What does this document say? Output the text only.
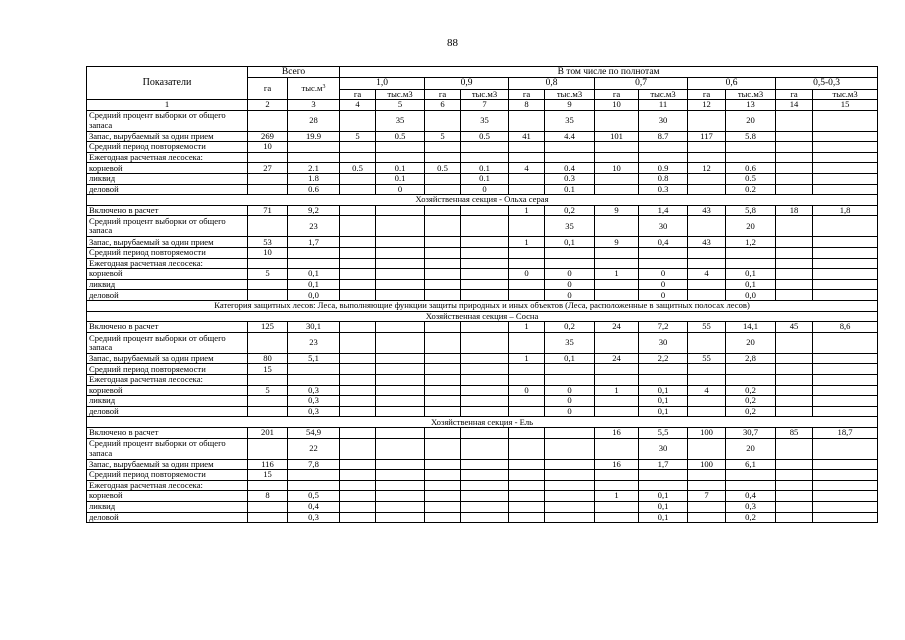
88
Показатели	Всего		В том числе по полнотам											
	га	$тыс.м^3$	1,0		0,9		0,8		0,7		0,6		0,5-0,3	
			га	тыс.м3	га	тыс.м3	га	тыс.м3	га	тыс.м3	га	тыс.м3	га	тыс.м3
1	2	3	4	5	6	7	8	9	10	11	12	13	14	15
Средний процент выборки от общего запаса		28		35		35		35		30		20		
Запас, вырубаемый за один прием	269	19.9	5	0.5	5	0.5	41	4.4	101	8.7	117	5.8		
Средний период повторяемости	10													
Ежегодная расчетная лесосека:														
корневой	27	2.1	0.5	0.1	0.5	0.1	4	0.4	10	0.9	12	0.6		
ликвид		1.8		0.1		0.1		0.3		0.8		0.5		
деловой		0.6		0		0		0.1		0.3		0.2		
Хозяйственная секция - Ольха серая														
Включено в расчет	71	9,2					1	0,2	9	1,4	43	5,8	18	1,8
Средний процент выборки от общего запаса		23						35		30		20		
Запас, вырубаемый за один прием	53	1,7					1	0,1	9	0,4	43	1,2		
Средний период повторяемости	10													
Ежегодная расчетная лесосека:														
корневой	5	0,1					0	0	1	0	4	0,1		
ликвид		0,1						0		0		0,1		
деловой		0,0						0		0		0,0		
Категория защитных лесов: Леса, выполняющие функции защиты природных и иных объектов (Леса, расположенные в защитных полосах лесов)														
Хозяйственная секция – Сосна														
Включено в расчет	125	30,1					1	0,2	24	7,2	55	14,1	45	8,6
Средний процент выборки от общего запаса		23						35		30		20		
Запас, вырубаемый за один прием	80	5,1					1	0,1	24	2,2	55	2,8		
Средний период повторяемости	15													
Ежегодная расчетная лесосека:														
корневой	5	0,3					0	0	1	0,1	4	0,2		
ликвид		0,3						0		0,1		0,2		
деловой		0,3						0		0,1		0,2		
Хозяйственная секция - Ель														
Включено в расчет	201	54,9							16	5,5	100	30,7	85	18,7
Средний процент выборки от общего запаса		22								30		20		
Запас, вырубаемый за один прием	116	7,8							16	1,7	100	6,1		
Средний период повторяемости	15													
Ежегодная расчетная лесосека:														
корневой	8	0,5							1	0,1	7	0,4		
ликвид		0,4								0,1		0,3		
деловой		0,3								0,1		0,2		
